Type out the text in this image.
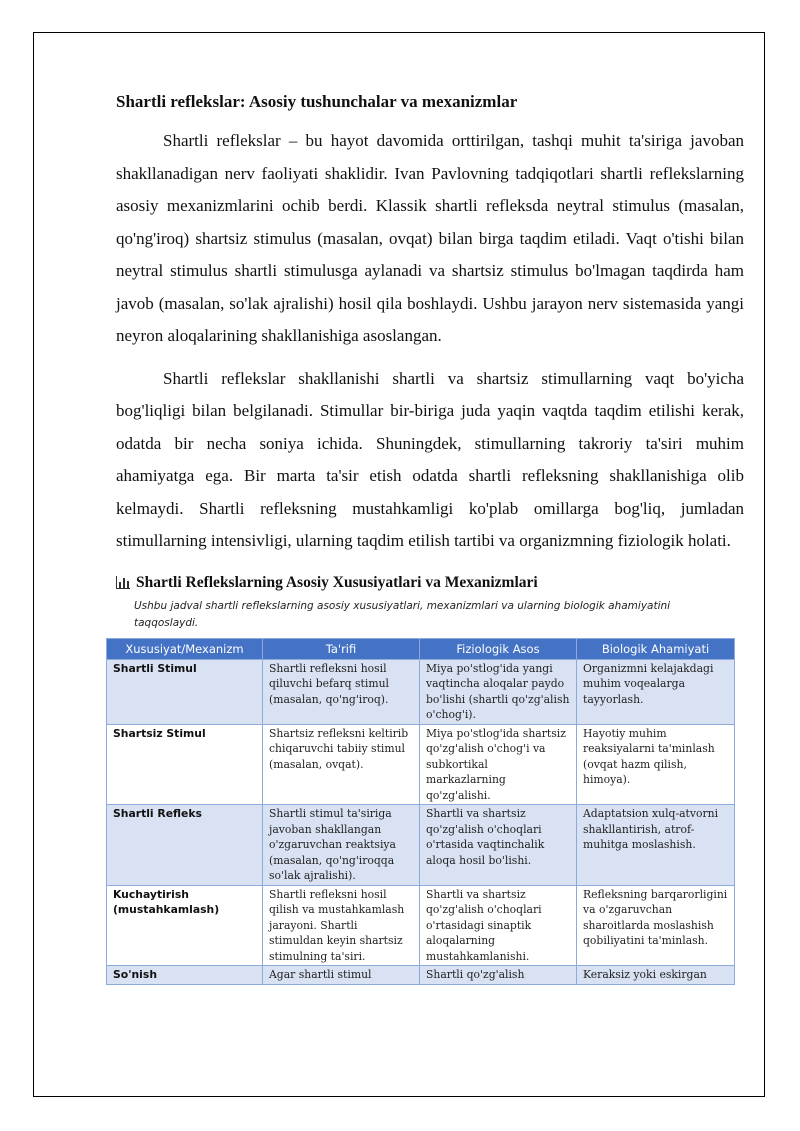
Shartli reflekslar: Asosiy tushunchalar va mexanizmlar

Shartli reflekslar – bu hayot davomida orttirilgan, tashqi muhit ta'siriga javoban shakllanadigan nerv faoliyati shaklidir. Ivan Pavlovning tadqiqotlari shartli reflekslarning asosiy mexanizmlarini ochib berdi. Klassik shartli refleksda neytral stimulus (masalan, qo'ng'iroq) shartsiz stimulus (masalan, ovqat) bilan birga taqdim etiladi. Vaqt o'tishi bilan neytral stimulus shartli stimulusga aylanadi va shartsiz stimulus bo'lmagan taqdirda ham javob (masalan, so'lak ajralishi) hosil qila boshlaydi. Ushbu jarayon nerv sistemasida yangi neyron aloqalarining shakllanishiga asoslangan.

Shartli reflekslar shakllanishi shartli va shartsiz stimullarning vaqt bo'yicha bog'liqligi bilan belgilanadi. Stimullar bir-biriga juda yaqin vaqtda taqdim etilishi kerak, odatda bir necha soniya ichida. Shuningdek, stimullarning takroriy ta'siri muhim ahamiyatga ega. Bir marta ta'sir etish odatda shartli refleksning shakllanishiga olib kelmaydi. Shartli refleksning mustahkamligi ko'plab omillarga bog'liq, jumladan stimullarning intensivligi, ularning taqdim etilish tartibi va organizmning fiziologik holati.

Shartli Reflekslarning Asosiy Xususiyatlari va Mexanizmlari
Ushbu jadval shartli reflekslarning asosiy xususiyatlari, mexanizmlari va ularning biologik ahamiyatini taqqoslaydi.
Xususiyat/Mexanizm	Ta'rifi	Fiziologik Asos	Biologik Ahamiyati
Shartli Stimul	Shartli refleksni hosil qiluvchi befarq stimul (masalan, qo'ng'iroq).	Miya po'stlog'ida yangi vaqtincha aloqalar paydo bo'lishi (shartli qo'zg'alish o'chog'i).	Organizmni kelajakdagi muhim voqealarga tayyorlash.
Shartsiz Stimul	Shartsiz refleksni keltirib chiqaruvchi tabiiy stimul (masalan, ovqat).	Miya po'stlog'ida shartsiz qo'zg'alish o'chog'i va subkortikal markazlarning qo'zg'alishi.	Hayotiy muhim reaksiyalarni ta'minlash (ovqat hazm qilish, himoya).
Shartli Refleks	Shartli stimul ta'siriga javoban shakllangan o'zgaruvchan reaktsiya (masalan, qo'ng'iroqqa so'lak ajralishi).	Shartli va shartsiz qo'zg'alish o'choqlari o'rtasida vaqtinchalik aloqa hosil bo'lishi.	Adaptatsion xulq-atvorni shakllantirish, atrof-muhitga moslashish.
Kuchaytirish (mustahkamlash)	Shartli refleksni hosil qilish va mustahkamlash jarayoni. Shartli stimuldan keyin shartsiz stimulning ta'siri.	Shartli va shartsiz qo'zg'alish o'choqlari o'rtasidagi sinaptik aloqalarning mustahkamlanishi.	Refleksning barqarorligini va o'zgaruvchan sharoitlarda moslashish qobiliyatini ta'minlash.
So'nish	Agar shartli stimul	Shartli qo'zg'alish	Keraksiz yoki eskirgan
